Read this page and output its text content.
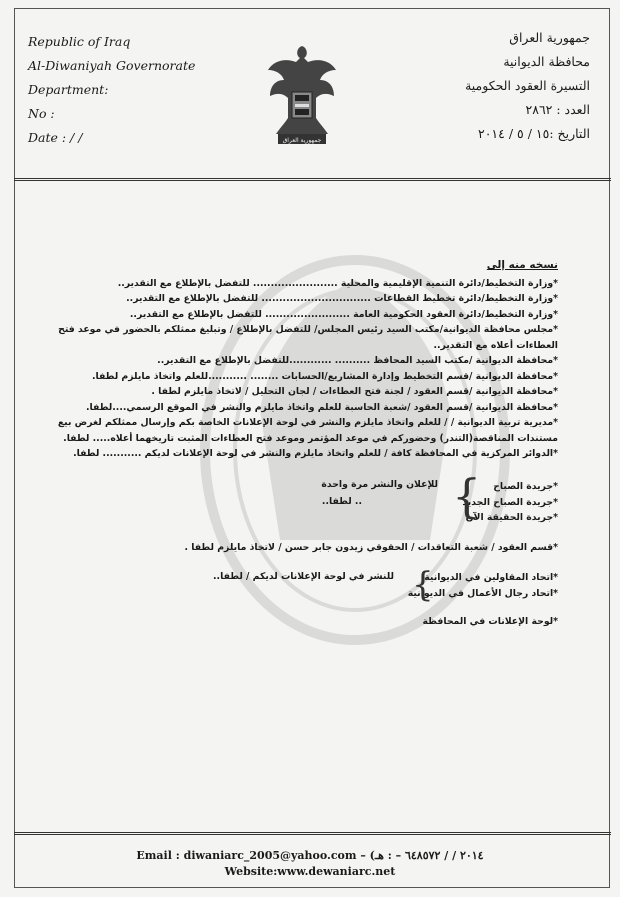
Republic of Iraq
Al-Diwaniyah Governorate
Department:
No :
Date : / /	جمهورية العراق
جمهورية العراق
محافظة الديوانية
التسيرة العقود الحكومية
العدد : ٢٨٦٢
التاريخ :١٥ / ٥ / ٢٠١٤
نسخه منه إلى
*وزارة التخطيط/دائرة التنمية الإقليمية والمحلية ........................ للتفضل بالإطلاع مع التقدير..
*وزارة التخطيط/دائرة تخطيط القطاعات ............................... للتفضل بالإطلاع مع التقدير..
*وزارة التخطيط/دائرة العقود الحكومية العامة ........................ للتفضل بالإطلاع مع التقدير..
*مجلس محافظة الديوانية/مكتب السيد رئيس المجلس/ للتفضل بالإطلاع / وتبليغ ممثلكم بالحضور في موعد فتح
العطاءات أعلاه مع التقدير..
*محافظة الديوانية /مكتب السيد المحافظ .......... ............للتفضل بالإطلاع مع التقدير..
*محافظة الديوانية /قسم التخطيط وإدارة المشاريع/الحسابات ........ ...........للعلم واتخاذ مايلزم لطفا.
*محافظة الديوانية /قسم العقود / لجنة فتح العطاءات / لجان التحليل / لاتخاذ مايلزم لطفا .
*محافظة الديوانية /قسم العقود /شعبة الحاسبة للعلم واتخاذ مايلزم والنشر في الموقع الرسمي....لطفا.
*مديرية تربية الديوانية / / للعلم واتخاذ مايلزم والنشر في لوحة الإعلانات الخاصة بكم وإرسال ممثلكم لغرض بيع
مستندات المناقصة(التندر) وحضوركم في موعد المؤتمر وموعد فتح العطاءات المثبت تاريخهما أعلاه..... لطفا.
*الدوائر المركزية في المحافظة كافة / للعلم واتخاذ مايلزم والنشر في لوحة الإعلانات لديكم ........... لطفا.
*جريدة الصباح
*جريدة الصباح الجديد
*جريدة الحقيقة الآن
{
للإعلان والنشر مرة واحدة
.. لطفا..
*قسم العقود / شعبة التعاقدات / الحقوقي زيدون جابر حسن / لاتخاذ مايلزم لطفا .
*اتحاد المقاولين في الديوانية
*اتحاد رجال الأعمال في الديوانية
{
للنشر في لوحة الإعلانات لديكم / لطفا..
*لوحة الإعلانات في المحافظة
Email : diwaniarc_2005@yahoo.com – (٢٠١٤ / / ٦٤٨٥٧٢ – : هـ
Website:www.dewaniarc.net
